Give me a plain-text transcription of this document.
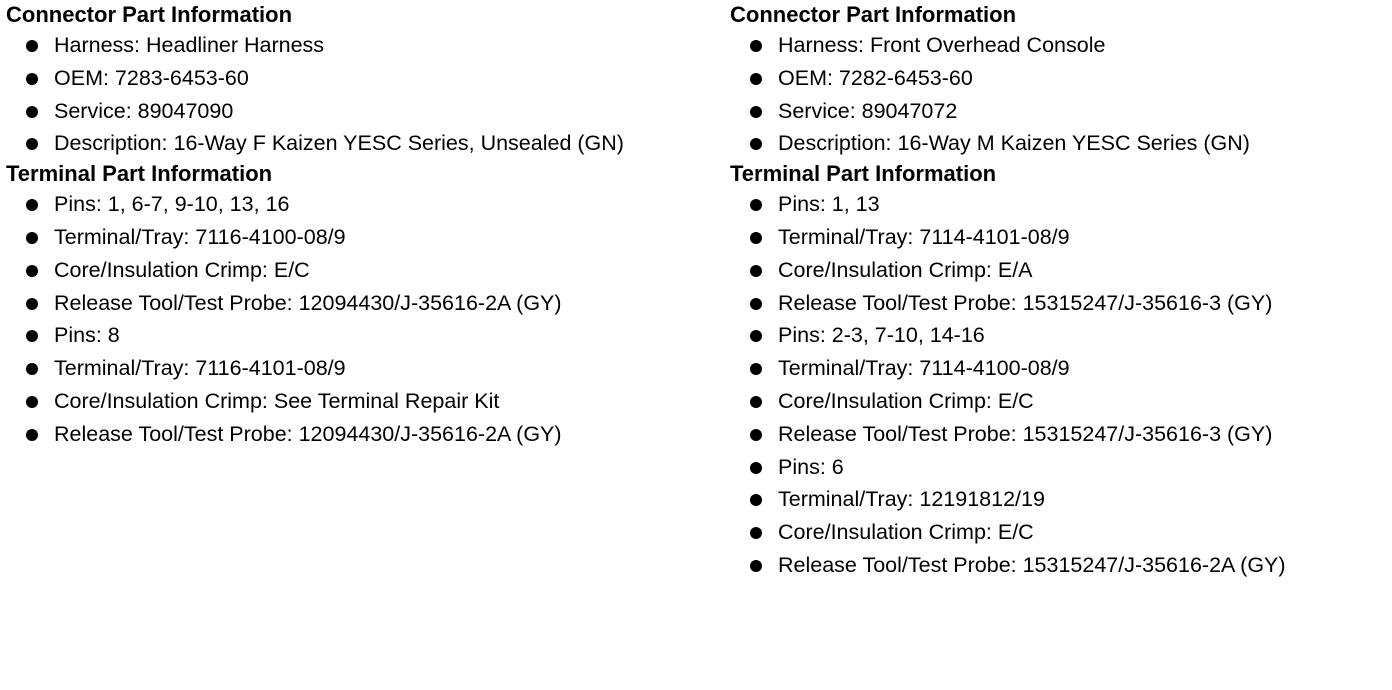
Connector Part Information
Harness: Headliner Harness
OEM: 7283-6453-60
Service: 89047090
Description: 16-Way F Kaizen YESC Series, Unsealed (GN)
Terminal Part Information
Pins: 1, 6-7, 9-10, 13, 16
Terminal/Tray: 7116-4100-08/9
Core/Insulation Crimp: E/C
Release Tool/Test Probe: 12094430/J-35616-2A (GY)
Pins: 8
Terminal/Tray: 7116-4101-08/9
Core/Insulation Crimp: See Terminal Repair Kit
Release Tool/Test Probe: 12094430/J-35616-2A (GY)
Connector Part Information
Harness: Front Overhead Console
OEM: 7282-6453-60
Service: 89047072
Description: 16-Way M Kaizen YESC Series (GN)
Terminal Part Information
Pins: 1, 13
Terminal/Tray: 7114-4101-08/9
Core/Insulation Crimp: E/A
Release Tool/Test Probe: 15315247/J-35616-3 (GY)
Pins: 2-3, 7-10, 14-16
Terminal/Tray: 7114-4100-08/9
Core/Insulation Crimp: E/C
Release Tool/Test Probe: 15315247/J-35616-3 (GY)
Pins: 6
Terminal/Tray: 12191812/19
Core/Insulation Crimp: E/C
Release Tool/Test Probe: 15315247/J-35616-2A (GY)
